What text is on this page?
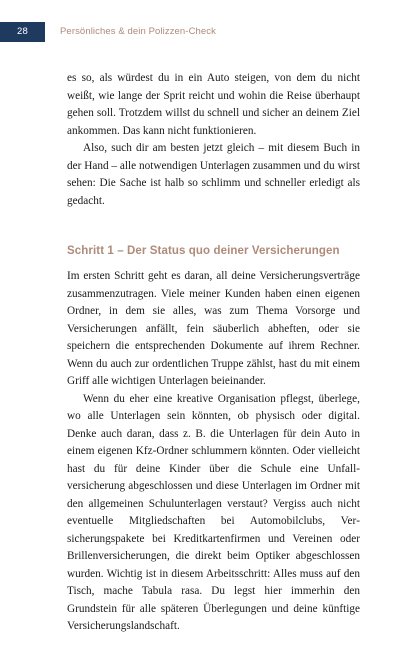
28	Persönliches & dein Polizzen-Check

es so, als würdest du in ein Auto steigen, von dem du nicht weißt, wie lange der Sprit reicht und wohin die Reise überhaupt gehen soll. Trotzdem willst du schnell und sicher an deinem Ziel ankommen. Das kann nicht funktionieren.

Also, such dir am besten jetzt gleich – mit diesem Buch in der Hand – alle notwendigen Unterlagen zusammen und du wirst sehen: Die Sache ist halb so schlimm und schneller erledigt als gedacht.

Schritt 1 – Der Status quo deiner Versicherungen

Im ersten Schritt geht es daran, all deine Versicherungsverträge zusammenzutragen. Viele meiner Kunden haben einen eigenen Ordner, in dem sie alles, was zum Thema Vorsorge und Versicherungen anfällt, fein säuberlich abheften, oder sie speichern die entsprechenden Dokumente auf ihrem Rechner. Wenn du auch zur ordentlichen Truppe zählst, hast du mit einem Griff alle wichtigen Unterlagen beieinander.

Wenn du eher eine kreative Organisation pflegst, überlege, wo alle Unterlagen sein könnten, ob physisch oder digital. Denke auch daran, dass z. B. die Unterlagen für dein Auto in einem eigenen Kfz-Ordner schlummern könnten. Oder vielleicht hast du für deine Kinder über die Schule eine Unfallversicherung abgeschlossen und diese Unterlagen im Ordner mit den allgemeinen Schulunterlagen verstaut? Vergiss auch nicht eventuelle Mitgliedschaften bei Automobilclubs, Versicherungspakete bei Kreditkartenfirmen und Vereinen oder Brillenversicherungen, die direkt beim Optiker abgeschlossen wurden. Wichtig ist in diesem Arbeitsschritt: Alles muss auf den Tisch, mache Tabula rasa. Du legst hier immerhin den Grundstein für alle späteren Überlegungen und deine künftige Versicherungslandschaft.
